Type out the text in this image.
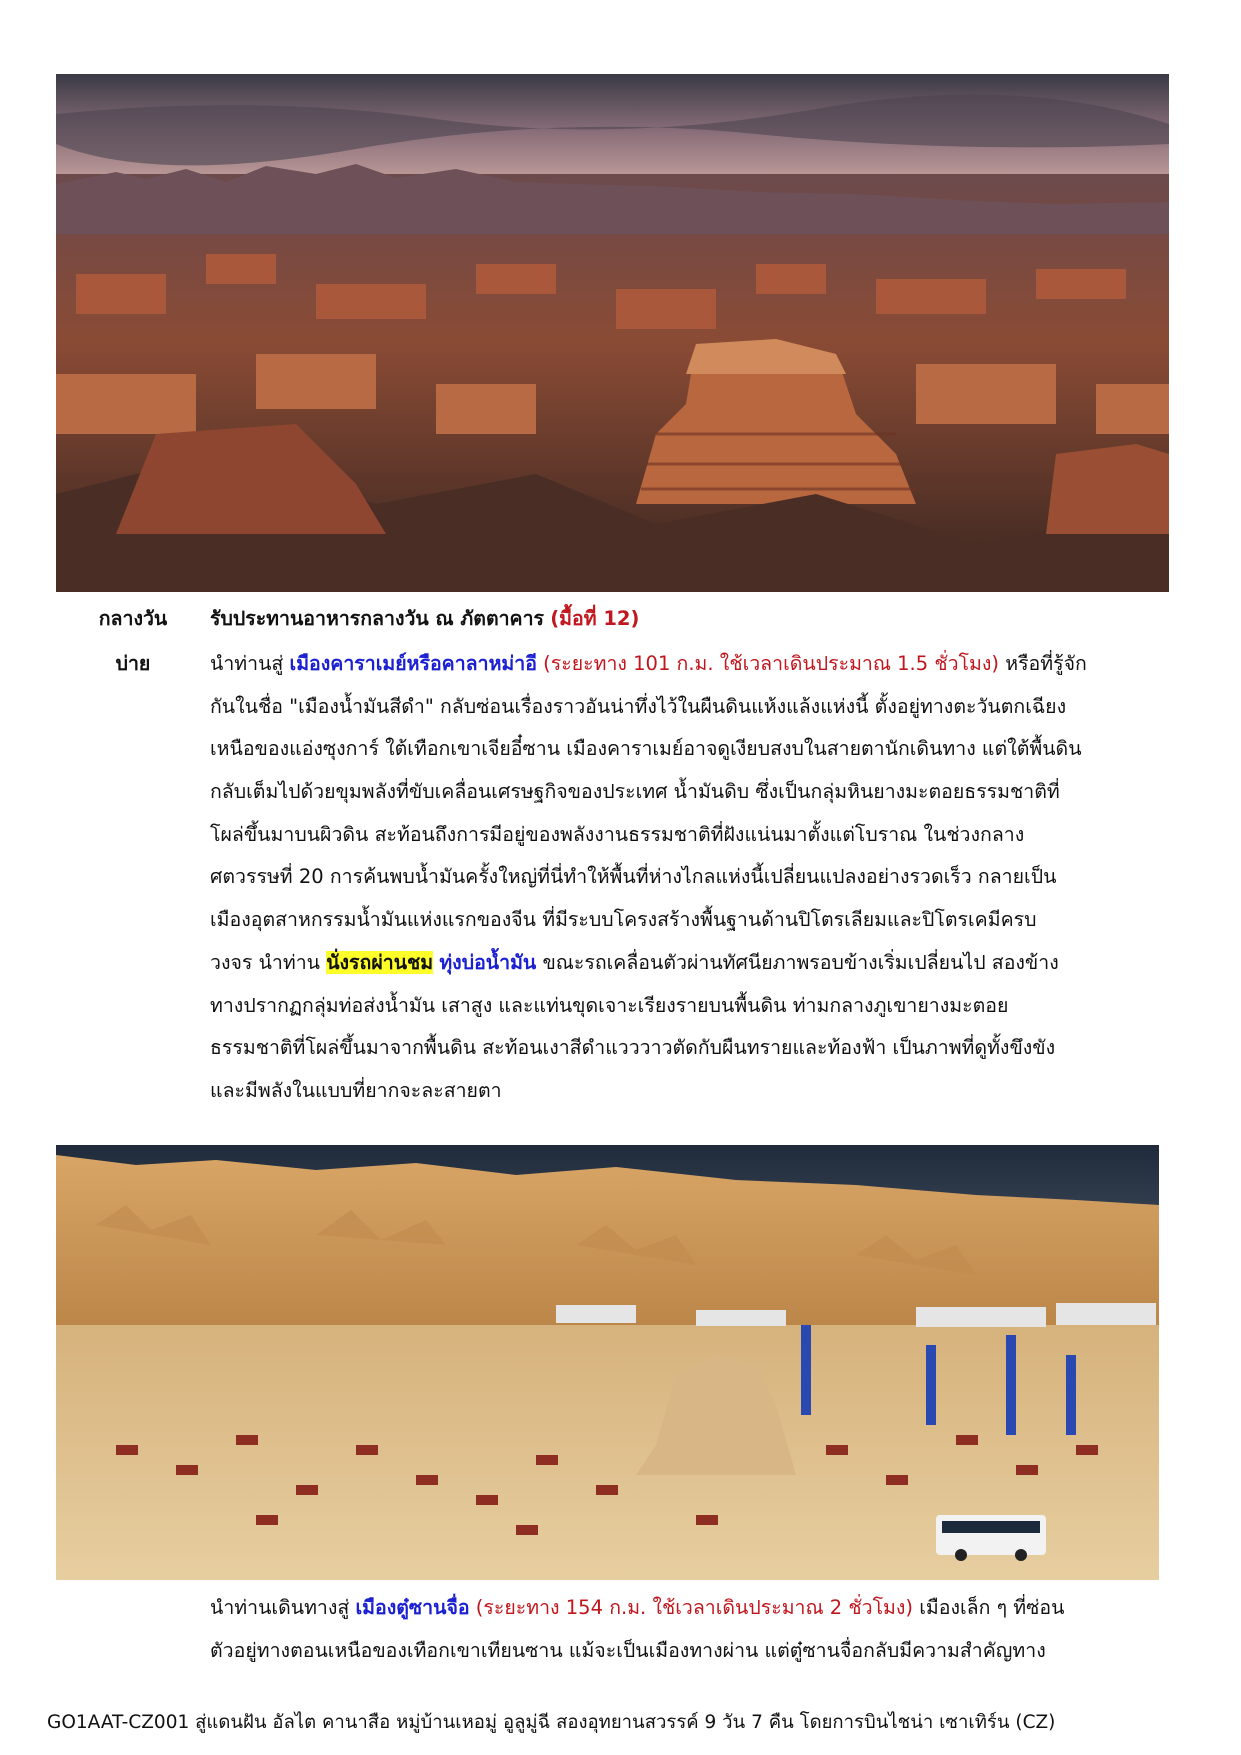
กลางวัน	รับประทานอาหารกลางวัน ณ ภัตตาคาร (มื้อที่ 12)
บ่าย	นำท่านสู่ เมืองคาราเมย์หรือคาลาหม่าอี (ระยะทาง 101 ก.ม. ใช้เวลาเดินประมาณ 1.5 ชั่วโมง) หรือที่รู้จัก
กันในชื่อ "เมืองน้ำมันสีดำ" กลับซ่อนเรื่องราวอันน่าทึ่งไว้ในผืนดินแห้งแล้งแห่งนี้ ตั้งอยู่ทางตะวันตกเฉียง
เหนือของแอ่งซุงการ์ ใต้เทือกเขาเจียอี๋ซาน เมืองคาราเมย์อาจดูเงียบสงบในสายตานักเดินทาง แต่ใต้พื้นดิน
กลับเต็มไปด้วยขุมพลังที่ขับเคลื่อนเศรษฐกิจของประเทศ น้ำมันดิบ ซึ่งเป็นกลุ่มหินยางมะตอยธรรมชาติที่
โผล่ขึ้นมาบนผิวดิน สะท้อนถึงการมีอยู่ของพลังงานธรรมชาติที่ฝังแน่นมาตั้งแต่โบราณ ในช่วงกลาง
ศตวรรษที่ 20 การค้นพบน้ำมันครั้งใหญ่ที่นี่ทำให้พื้นที่ห่างไกลแห่งนี้เปลี่ยนแปลงอย่างรวดเร็ว กลายเป็น
เมืองอุตสาหกรรมน้ำมันแห่งแรกของจีน ที่มีระบบโครงสร้างพื้นฐานด้านปิโตรเลียมและปิโตรเคมีครบ
วงจร นำท่าน นั่งรถผ่านชม ทุ่งบ่อน้ำมัน ขณะรถเคลื่อนตัวผ่านทัศนียภาพรอบข้างเริ่มเปลี่ยนไป สองข้าง
ทางปรากฏกลุ่มท่อส่งน้ำมัน เสาสูง และแท่นขุดเจาะเรียงรายบนพื้นดิน ท่ามกลางภูเขายางมะตอย
ธรรมชาติที่โผล่ขึ้นมาจากพื้นดิน สะท้อนเงาสีดำแวววาวตัดกับผืนทรายและท้องฟ้า เป็นภาพที่ดูทั้งขึงขัง
และมีพลังในแบบที่ยากจะละสายตา
นำท่านเดินทางสู่ เมืองตู๋ซานจื่อ (ระยะทาง 154 ก.ม. ใช้เวลาเดินประมาณ 2 ชั่วโมง) เมืองเล็ก ๆ ที่ซ่อน
ตัวอยู่ทางตอนเหนือของเทือกเขาเทียนซาน แม้จะเป็นเมืองทางผ่าน แต่ตู๋ซานจื่อกลับมีความสำคัญทาง
GO1AAT-CZ001 สู่แดนฝัน อัลไต คานาสือ หมู่บ้านเหอมู่ อูลูมู่ฉี สองอุทยานสวรรค์ 9 วัน 7 คืน โดยการบินไชน่า เซาเทิร์น (CZ)
